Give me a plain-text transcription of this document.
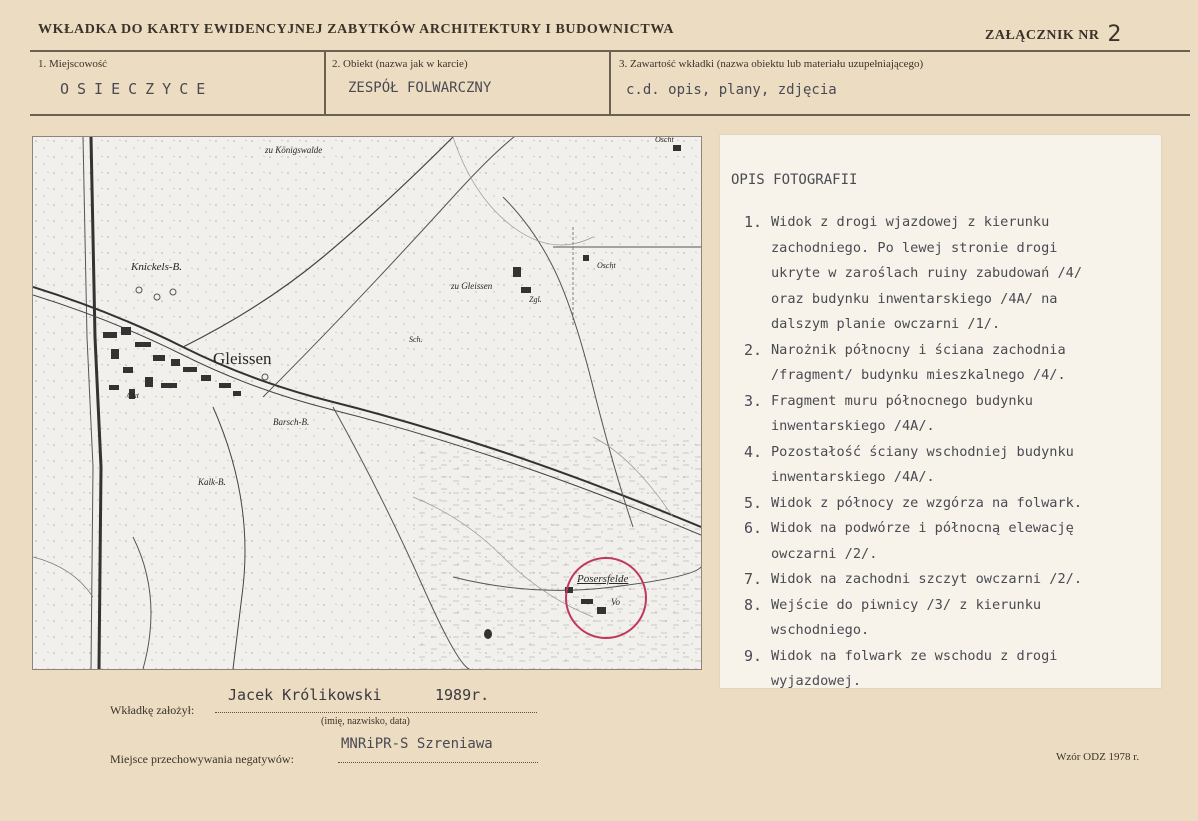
WKŁADKA DO KARTY EWIDENCYJNEJ ZABYTKÓW ARCHITEKTURY I BUDOWNICTWA	ZAŁĄCZNIK NR 2
1. Miejscowość
OSIECZYCE
2. Obiekt (nazwa jak w karcie)
ZESPÓŁ FOLWARCZNY
3. Zawartość wkładki (nazwa obiektu lub materiału uzupełniającego)
c.d. opis, plany, zdjęcia
zu Königswalde
Knickels-B.
Gleissen
zu Gleissen
Zgl.
Sch.
Barsch-B.
Kalk-B.
Gut
Posersfelde
Vo
Oscht
Oscht
OPIS FOTOGRAFII
1. Widok z drogi wjazdowej z kierunku
zachodniego. Po lewej stronie drogi
ukryte w zaroślach ruiny zabudowań /4/
oraz budynku inwentarskiego /4A/ na
dalszym planie owczarni /1/.
2. Narożnik północny i ściana zachodnia
/fragment/ budynku mieszkalnego /4/.
3. Fragment muru północnego budynku
inwentarskiego /4A/.
4. Pozostałość ściany wschodniej budynku
inwentarskiego /4A/.
5. Widok z północy ze wzgórza na folwark.
6. Widok na podwórze i północną elewację
owczarni /2/.
7. Widok na zachodni szczyt owczarni /2/.
8. Wejście do piwnicy /3/ z kierunku
wschodniego.
9. Widok na folwark ze wschodu z drogi
wyjazdowej.
Wkładkę założył:
Jacek Królikowski	1989r.
(imię, nazwisko, data)
Miejsce przechowywania negatywów:
MNRiPR-S Szreniawa
Wzór ODZ 1978 r.
